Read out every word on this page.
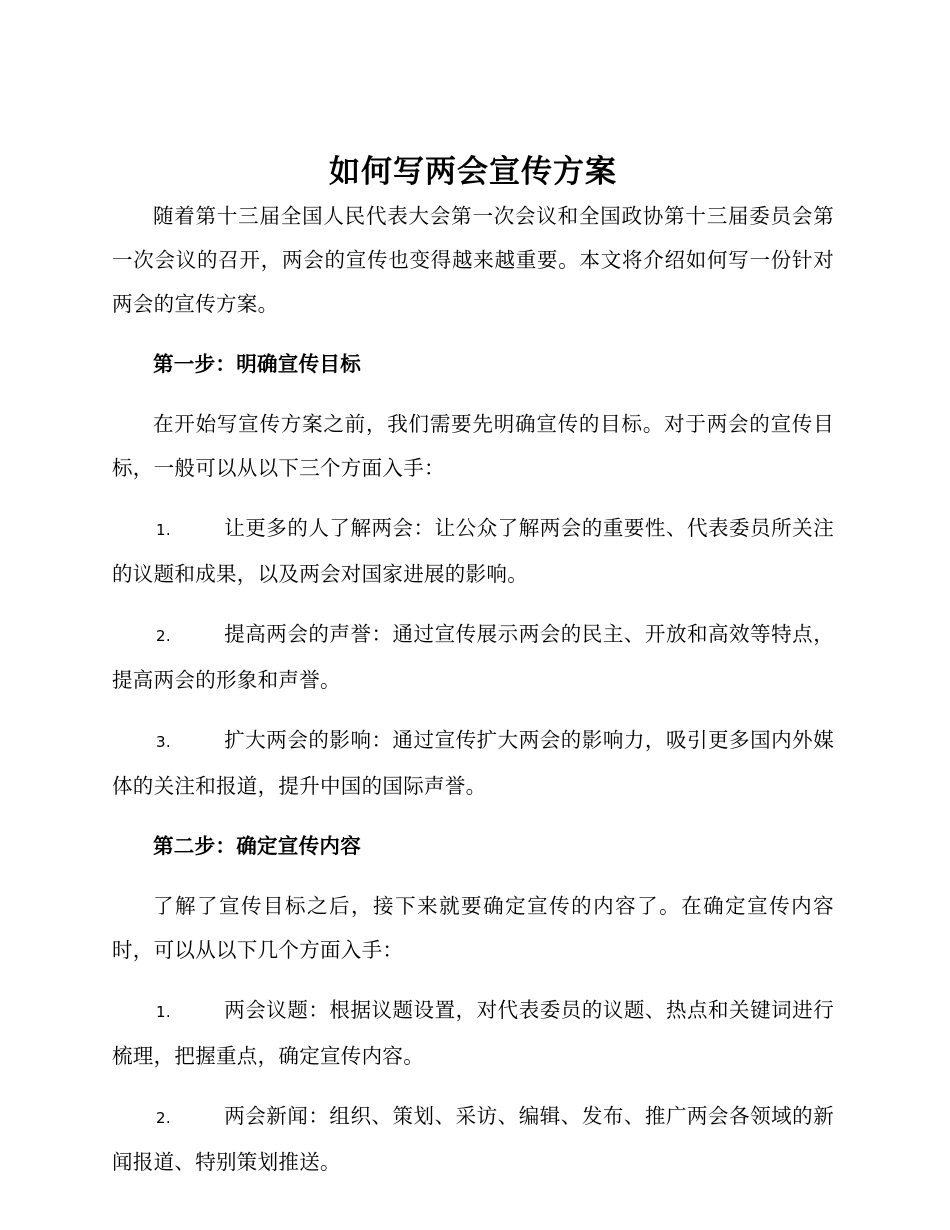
如何写两会宣传方案

随着第十三届全国人民代表大会第一次会议和全国政协第十三届委员会第一次会议的召开，两会的宣传也变得越来越重要。本文将介绍如何写一份针对两会的宣传方案。

第一步：明确宣传目标

在开始写宣传方案之前，我们需要先明确宣传的目标。对于两会的宣传目标，一般可以从以下三个方面入手：

1.	让更多的人了解两会：让公众了解两会的重要性、代表委员所关注的议题和成果，以及两会对国家进展的影响。

2.	提高两会的声誉：通过宣传展示两会的民主、开放和高效等特点，提高两会的形象和声誉。

3.	扩大两会的影响：通过宣传扩大两会的影响力，吸引更多国内外媒体的关注和报道，提升中国的国际声誉。

第二步：确定宣传内容

了解了宣传目标之后，接下来就要确定宣传的内容了。在确定宣传内容时，可以从以下几个方面入手：

1.	两会议题：根据议题设置，对代表委员的议题、热点和关键词进行梳理，把握重点，确定宣传内容。

2.	两会新闻：组织、策划、采访、编辑、发布、推广两会各领域的新闻报道、特别策划推送。
